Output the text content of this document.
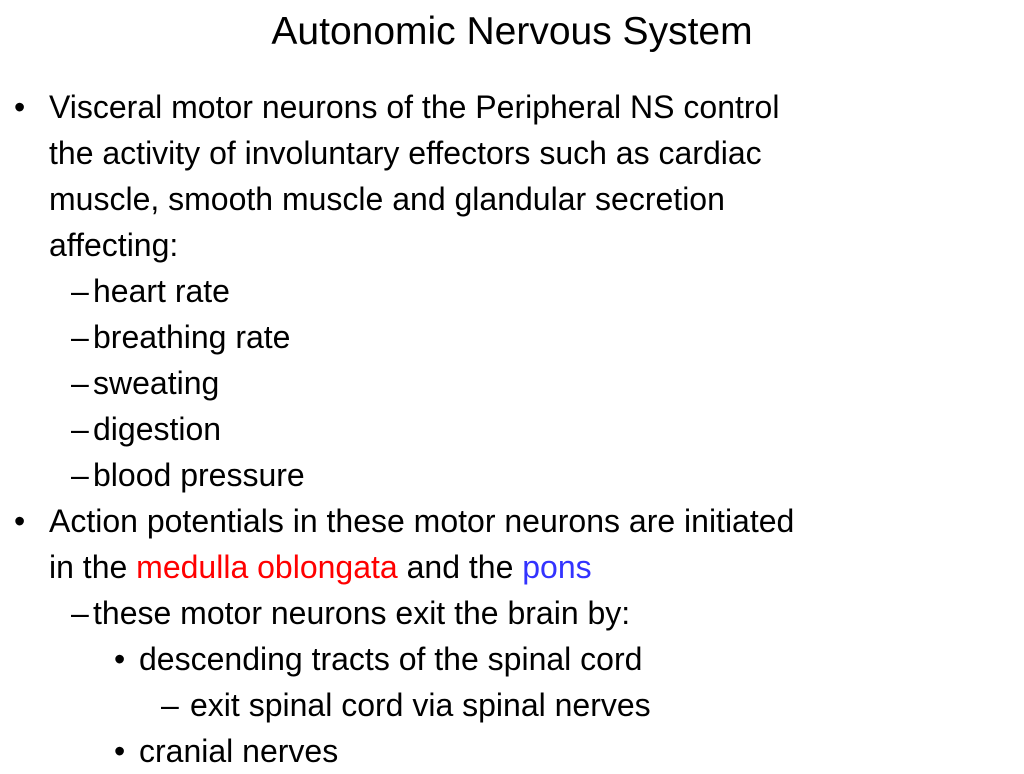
Autonomic Nervous System
• Visceral motor neurons of the Peripheral NS control
the activity of involuntary effectors such as cardiac
muscle, smooth muscle and glandular secretion
affecting:
– heart rate
– breathing rate
– sweating
– digestion
– blood pressure
• Action potentials in these motor neurons are initiated
in the medulla oblongata and the pons
– these motor neurons exit the brain by:
• descending tracts of the spinal cord
– exit spinal cord via spinal nerves
• cranial nerves
